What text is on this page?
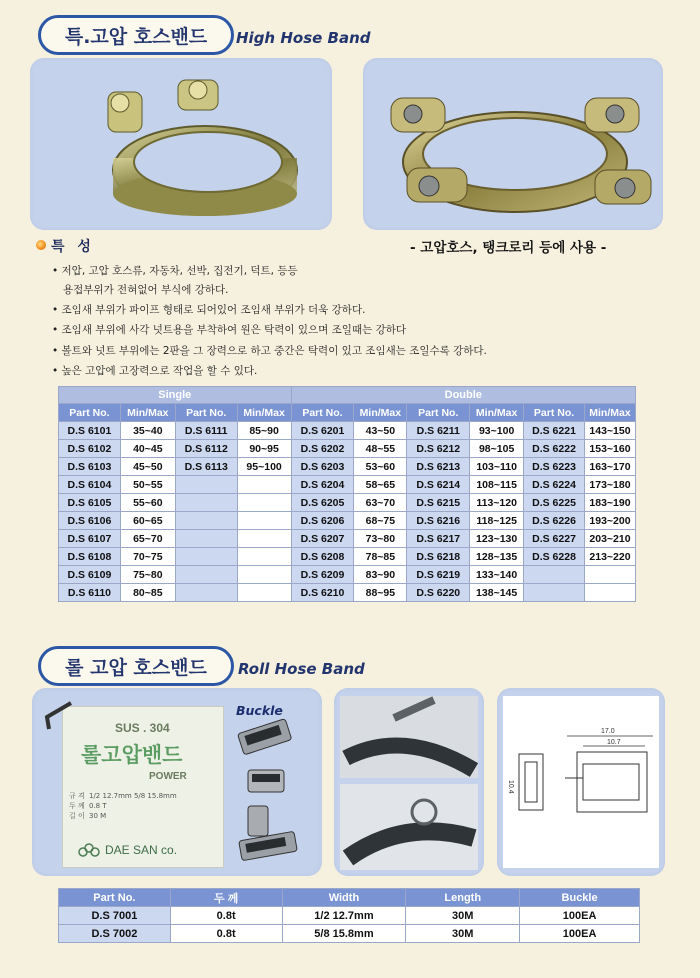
특.고압 호스밴드 High Hose Band
특 성	- 고압호스, 탱크로리 등에 사용 -
• 저압, 고압 호스류, 자동차, 선박, 집전기, 덕트, 등등
용접부위가 전혀없어 부식에 강하다.
• 조임새 부위가 파이프 형태로 되어있어 조임새 부위가 더욱 강하다.
• 조임새 부위에 사각 넛트용을 부착하여 원은 탁력이 있으며 조일때는 강하다
• 볼트와 넛트 부위에는 2판을 그 장력으로 하고 중간은 탁력이 있고 조임새는 조일수록 강하다.
• 높은 고압에 고장력으로 작업을 할 수 있다.
Single				Double					
Part No.	Min/Max	Part No.	Min/Max	Part No.	Min/Max	Part No.	Min/Max	Part No.	Min/Max
D.S 6101	35~40	D.S 6111	85~90	D.S 6201	43~50	D.S 6211	93~100	D.S 6221	143~150
D.S 6102	40~45	D.S 6112	90~95	D.S 6202	48~55	D.S 6212	98~105	D.S 6222	153~160
D.S 6103	45~50	D.S 6113	95~100	D.S 6203	53~60	D.S 6213	103~110	D.S 6223	163~170
D.S 6104	50~55			D.S 6204	58~65	D.S 6214	108~115	D.S 6224	173~180
D.S 6105	55~60			D.S 6205	63~70	D.S 6215	113~120	D.S 6225	183~190
D.S 6106	60~65			D.S 6206	68~75	D.S 6216	118~125	D.S 6226	193~200
D.S 6107	65~70			D.S 6207	73~80	D.S 6217	123~130	D.S 6227	203~210
D.S 6108	70~75			D.S 6208	78~85	D.S 6218	128~135	D.S 6228	213~220
D.S 6109	75~80			D.S 6209	83~90	D.S 6219	133~140		
D.S 6110	80~85			D.S 6210	88~95	D.S 6220	138~145		
롤 고압 호스밴드 Roll Hose Band
SUS . 304
롤고압밴드
POWER
규 격 1/2 12.7mm 5/8 15.8mm
두 께 0.8 T
길 이 30 M
DAE SAN co.
Buckle
17.0
10.7
10.4
Part No.	두 께	Width	Length	Buckle
D.S 7001	0.8t	1/2 12.7mm	30M	100EA
D.S 7002	0.8t	5/8 15.8mm	30M	100EA
